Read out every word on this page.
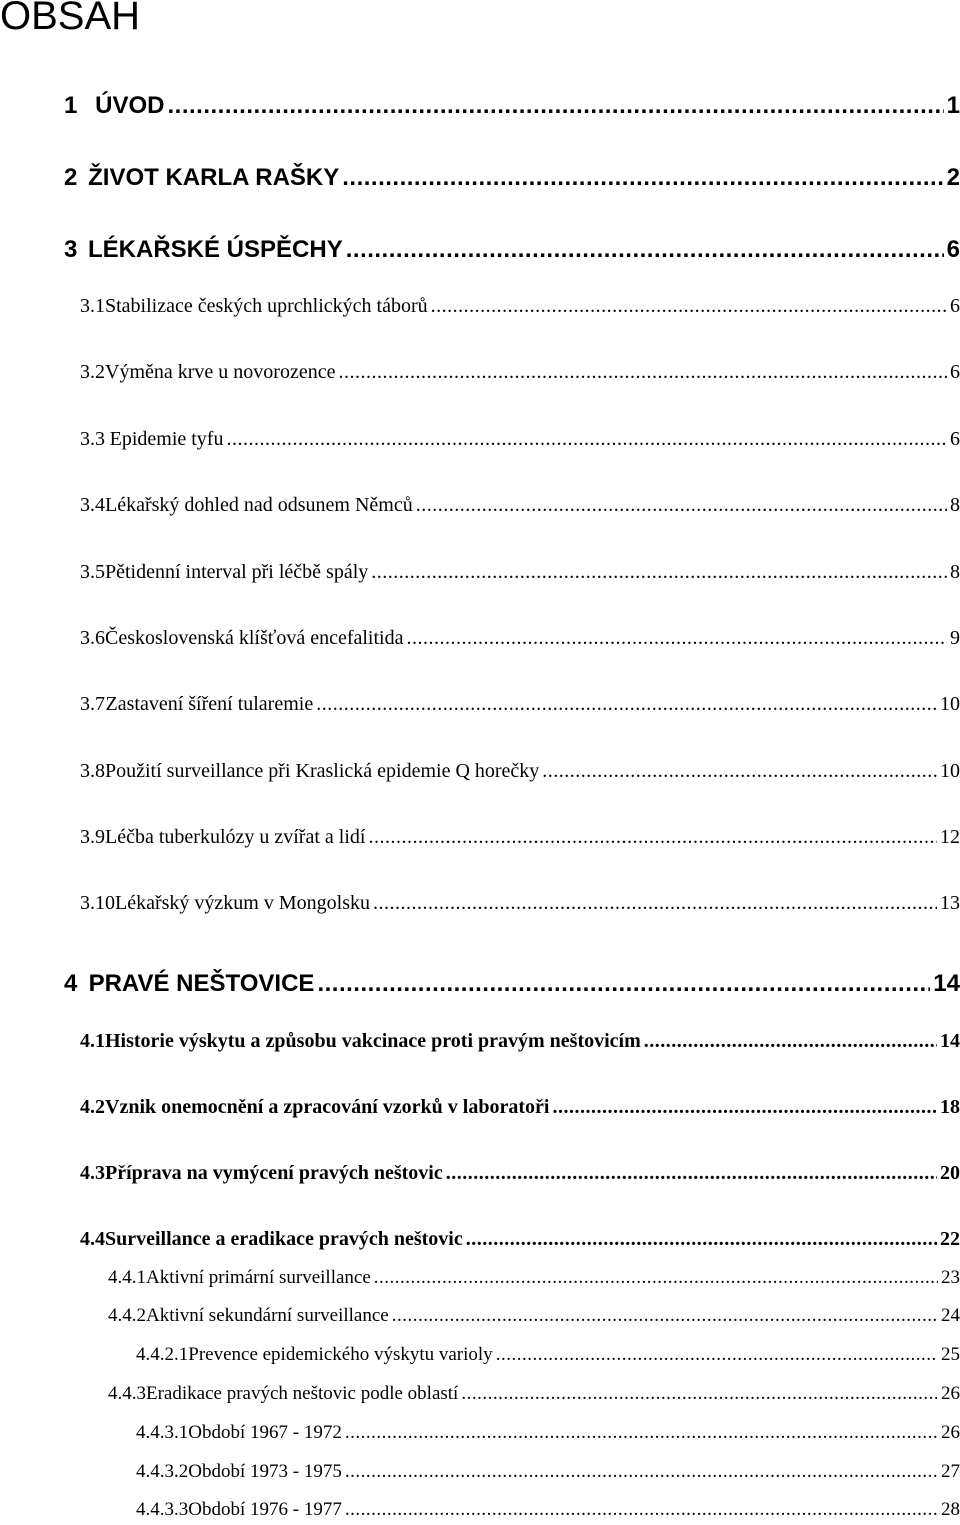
OBSAH
1 ÚVOD .....	1
2 ŽIVOT KARLA RAŠKY .....	2
3 LÉKAŘSKÉ ÚSPĚCHY .....	6
3.1 Stabilizace českých uprchlických táborů .....	6
3.2 Výměna krve u novorozence .....	6
3.3 Epidemie tyfu .....	6
3.4 Lékařský dohled nad odsunem Němců .....	8
3.5 Pětidenní interval při léčbě spály .....	8
3.6 Československá klíšťová encefalitida .....	9
3.7 Zastavení šíření tularemie .....	10
3.8 Použití surveillance při Kraslická epidemie Q horečky .....	10
3.9 Léčba tuberkulózy u zvířat a lidí .....	12
3.10 Lékařský výzkum v Mongolsku .....	13
4 PRAVÉ NEŠTOVICE .....	14
4.1 Historie výskytu a způsobu vakcinace proti pravým neštovicím .....	14
4.2 Vznik onemocnění a zpracování vzorků v laboratoři .....	18
4.3 Příprava na vymýcení pravých neštovic .....	20
4.4 Surveillance a eradikace pravých neštovic .....	22
4.4.1 Aktivní primární surveillance .....	23
4.4.2 Aktivní sekundární surveillance .....	24
4.4.2.1 Prevence epidemického výskytu varioly .....	25
4.4.3 Eradikace pravých neštovic podle oblastí .....	26
4.4.3.1 Období 1967 - 1972 .....	26
4.4.3.2 Období 1973 - 1975 .....	27
4.4.3.3 Období 1976 - 1977 .....	28
